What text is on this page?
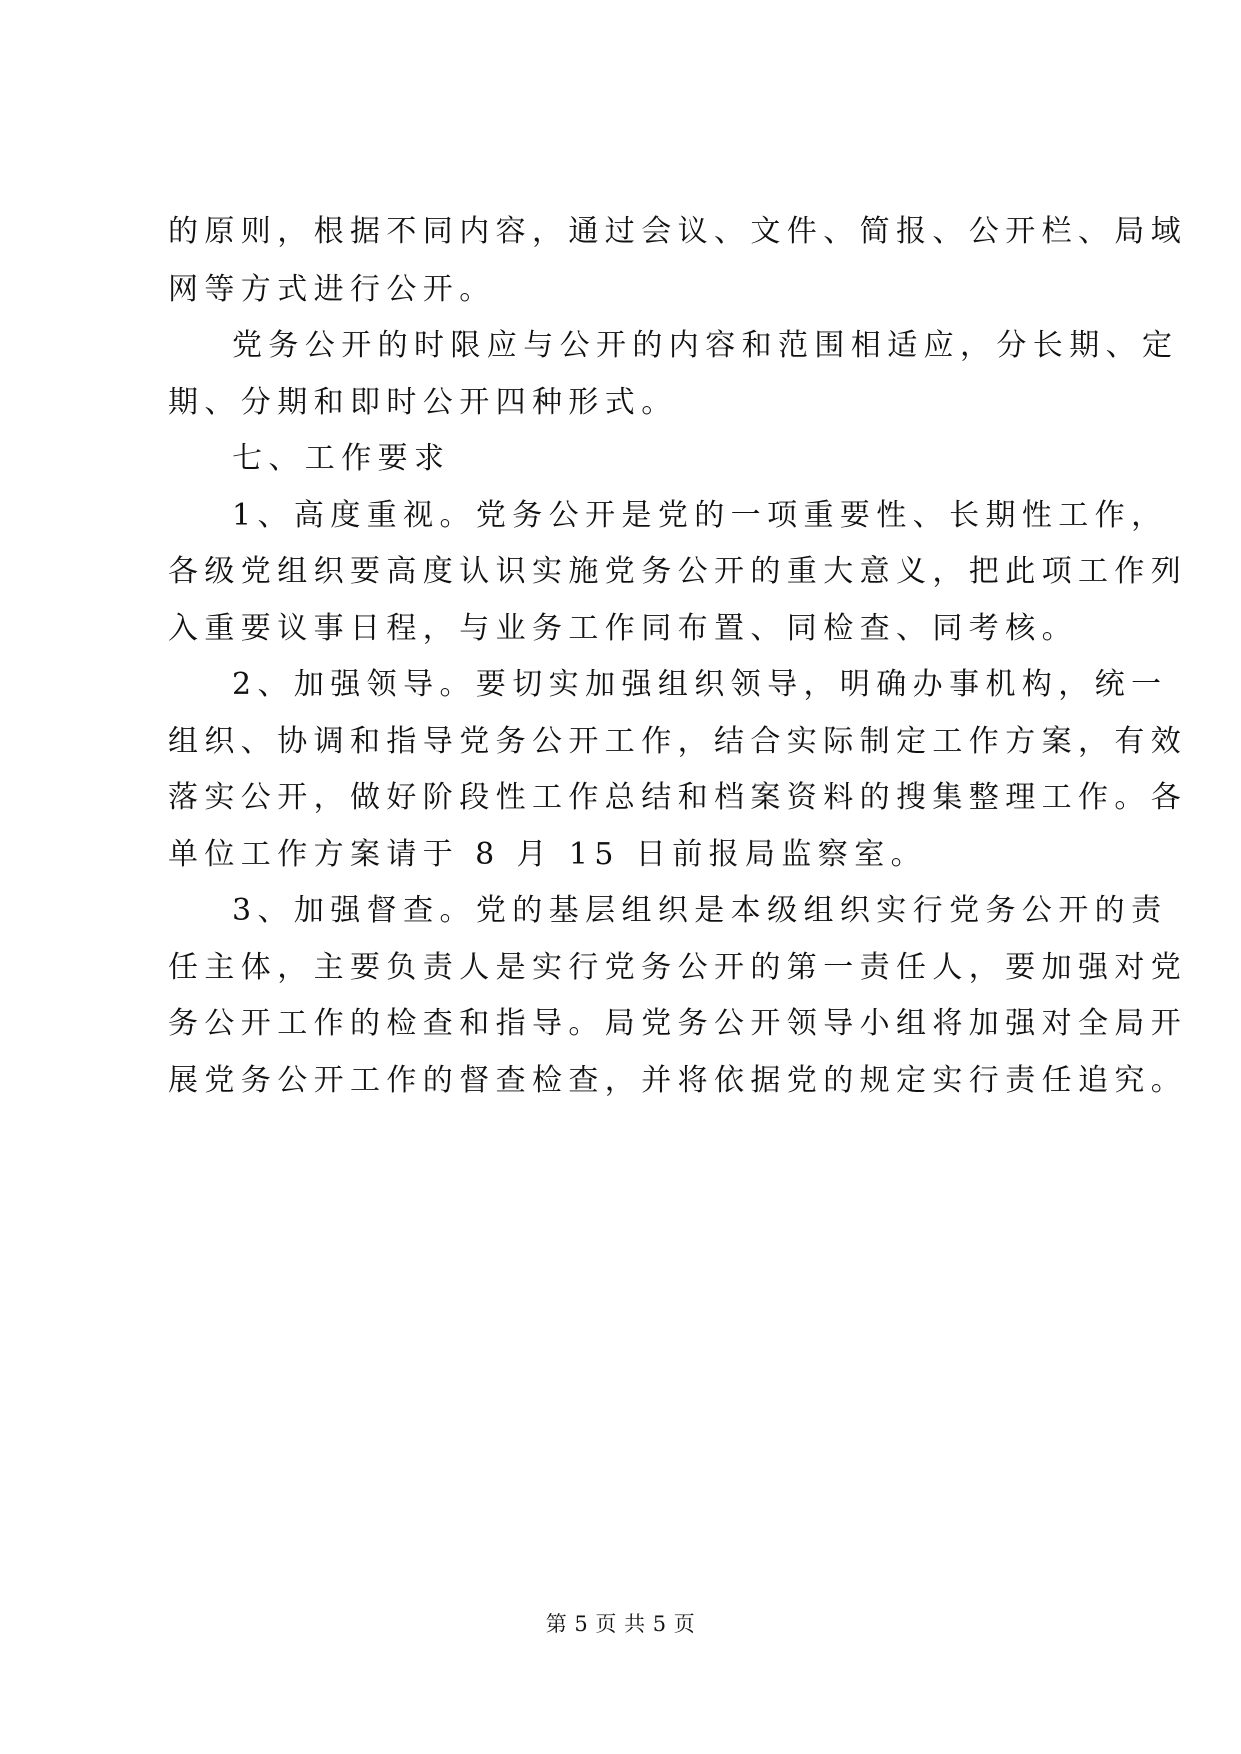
的原则，根据不同内容，通过会议、文件、简报、公开栏、局域
网等方式进行公开。
党务公开的时限应与公开的内容和范围相适应，分长期、定
期、分期和即时公开四种形式。
七、工作要求
1、高度重视。党务公开是党的一项重要性、长期性工作，
各级党组织要高度认识实施党务公开的重大意义，把此项工作列
入重要议事日程，与业务工作同布置、同检查、同考核。
2、加强领导。要切实加强组织领导，明确办事机构，统一
组织、协调和指导党务公开工作，结合实际制定工作方案，有效
落实公开，做好阶段性工作总结和档案资料的搜集整理工作。各
单位工作方案请于 8 月 15 日前报局监察室。
3、加强督查。党的基层组织是本级组织实行党务公开的责
任主体，主要负责人是实行党务公开的第一责任人，要加强对党
务公开工作的检查和指导。局党务公开领导小组将加强对全局开
展党务公开工作的督查检查，并将依据党的规定实行责任追究。
第 5 页 共 5 页
